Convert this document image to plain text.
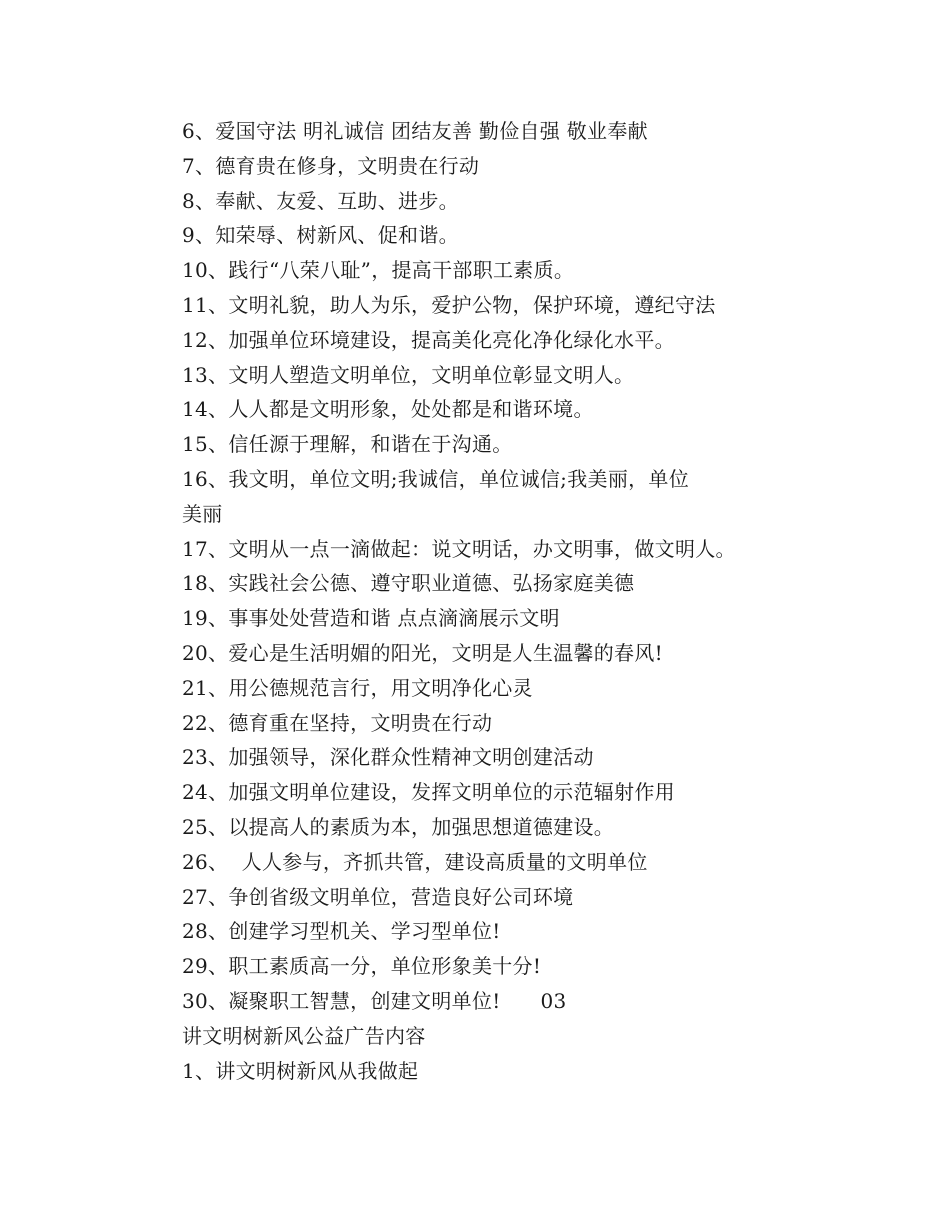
6、爱国守法 明礼诚信 团结友善 勤俭自强 敬业奉献
7、德育贵在修身，文明贵在行动
8、奉献、友爱、互助、进步。
9、知荣辱、树新风、促和谐。
10、践行“八荣八耻”，提高干部职工素质。
11、文明礼貌，助人为乐，爱护公物，保护环境，遵纪守法
12、加强单位环境建设，提高美化亮化净化绿化水平。
13、文明人塑造文明单位，文明单位彰显文明人。
14、人人都是文明形象，处处都是和谐环境。
15、信任源于理解，和谐在于沟通。
16、我文明，单位文明;我诚信，单位诚信;我美丽，单位
美丽
17、文明从一点一滴做起：说文明话，办文明事，做文明人。
18、实践社会公德、遵守职业道德、弘扬家庭美德
19、事事处处营造和谐 点点滴滴展示文明
20、爱心是生活明媚的阳光，文明是人生温馨的春风!
21、用公德规范言行，用文明净化心灵
22、德育重在坚持，文明贵在行动
23、加强领导，深化群众性精神文明创建活动
24、加强文明单位建设，发挥文明单位的示范辐射作用
25、以提高人的素质为本，加强思想道德建设。
26、  人人参与，齐抓共管，建设高质量的文明单位
27、争创省级文明单位，营造良好公司环境
28、创建学习型机关、学习型单位!
29、职工素质高一分，单位形象美十分!
30、凝聚职工智慧，创建文明单位!      03
讲文明树新风公益广告内容
1、讲文明树新风从我做起
